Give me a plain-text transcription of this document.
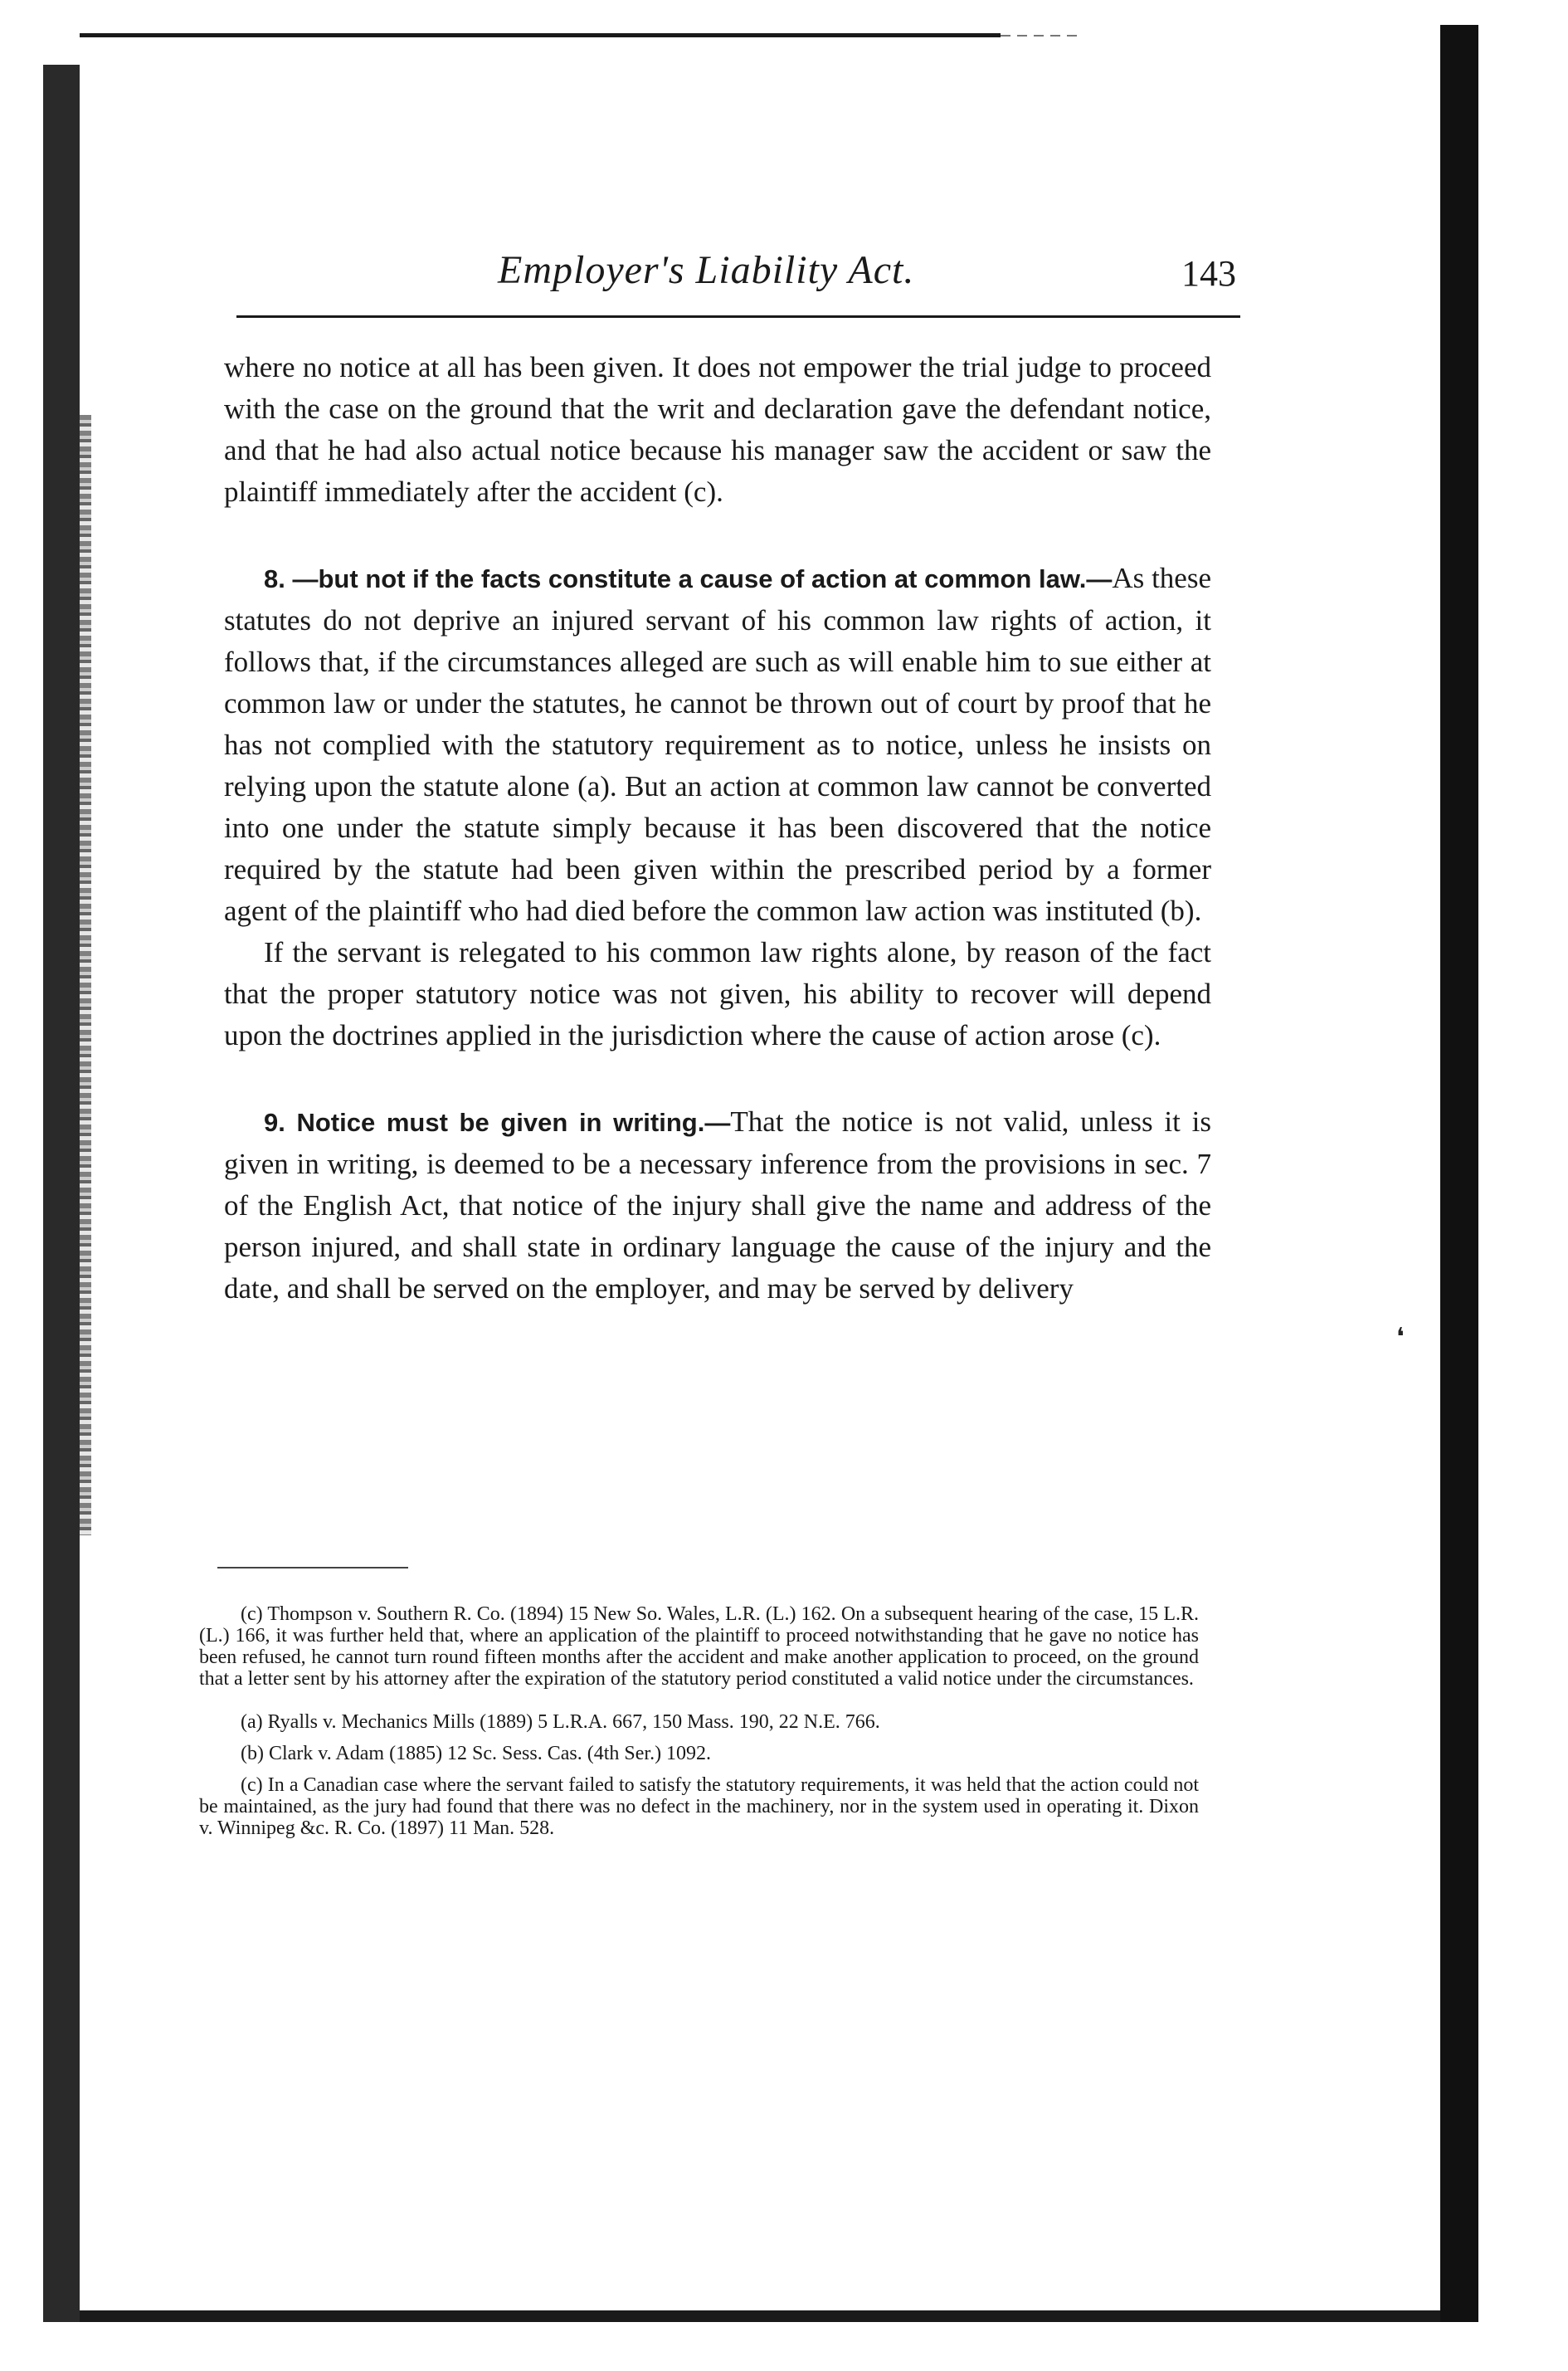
❛
Employer's Liability Act.	143

where no notice at all has been given. It does not empower the trial judge to proceed with the case on the ground that the writ and declaration gave the defendant notice, and that he had also actual notice because his manager saw the accident or saw the plaintiff immediately after the accident (c).

8. —but not if the facts constitute a cause of action at common law.—As these statutes do not deprive an injured servant of his common law rights of action, it follows that, if the circumstances alleged are such as will enable him to sue either at common law or under the statutes, he cannot be thrown out of court by proof that he has not complied with the statutory requirement as to notice, unless he insists on relying upon the statute alone (a). But an action at common law cannot be converted into one under the statute simply because it has been discovered that the notice required by the statute had been given within the prescribed period by a former agent of the plaintiff who had died before the common law action was instituted (b).

If the servant is relegated to his common law rights alone, by reason of the fact that the proper statutory notice was not given, his ability to recover will depend upon the doctrines applied in the jurisdiction where the cause of action arose (c).

9. Notice must be given in writing.—That the notice is not valid, unless it is given in writing, is deemed to be a necessary inference from the provisions in sec. 7 of the English Act, that notice of the injury shall give the name and address of the person injured, and shall state in ordinary language the cause of the injury and the date, and shall be served on the employer, and may be served by delivery

(c) Thompson v. Southern R. Co. (1894) 15 New So. Wales, L.R. (L.) 162. On a subsequent hearing of the case, 15 L.R. (L.) 166, it was further held that, where an application of the plaintiff to proceed notwithstanding that he gave no notice has been refused, he cannot turn round fifteen months after the accident and make another application to proceed, on the ground that a letter sent by his attorney after the expiration of the statutory period constituted a valid notice under the circumstances.

(a) Ryalls v. Mechanics Mills (1889) 5 L.R.A. 667, 150 Mass. 190, 22 N.E. 766.

(b) Clark v. Adam (1885) 12 Sc. Sess. Cas. (4th Ser.) 1092.

(c) In a Canadian case where the servant failed to satisfy the statutory requirements, it was held that the action could not be maintained, as the jury had found that there was no defect in the machinery, nor in the system used in operating it. Dixon v. Winnipeg &c. R. Co. (1897) 11 Man. 528.
